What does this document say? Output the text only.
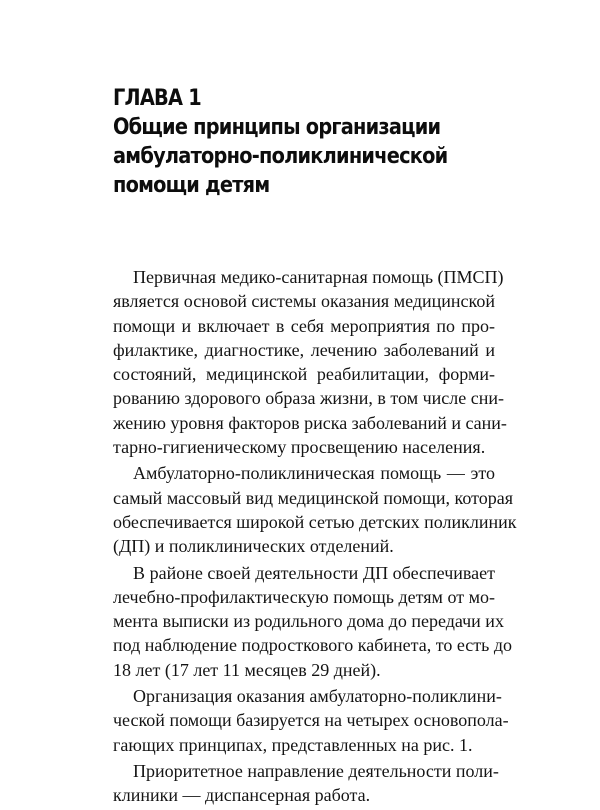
ГЛАВА 1
Общие принципы организации
амбулаторно-поликлинической
помощи детям

Первичная медико-санитарная помощь (ПМСП)
является основой системы оказания медицинской
помощи и включает в себя мероприятия по про-
филактике, диагностике, лечению заболеваний и
состояний, медицинской реабилитации, форми-
рованию здорового образа жизни, в том числе сни-
жению уровня факторов риска заболеваний и сани-
тарно-гигиеническому просвещению населения.

Амбулаторно-поликлиническая помощь — это
самый массовый вид медицинской помощи, которая
обеспечивается широкой сетью детских поликлиник
(ДП) и поликлинических отделений.

В районе своей деятельности ДП обеспечивает
лечебно-профилактическую помощь детям от мо-
мента выписки из родильного дома до передачи их
под наблюдение подросткового кабинета, то есть до
18 лет (17 лет 11 месяцев 29 дней).

Организация оказания амбулаторно-поликлини-
ческой помощи базируется на четырех основопола-
гающих принципах, представленных на рис. 1.

Приоритетное направление деятельности поли-
клиники — диспансерная работа.
